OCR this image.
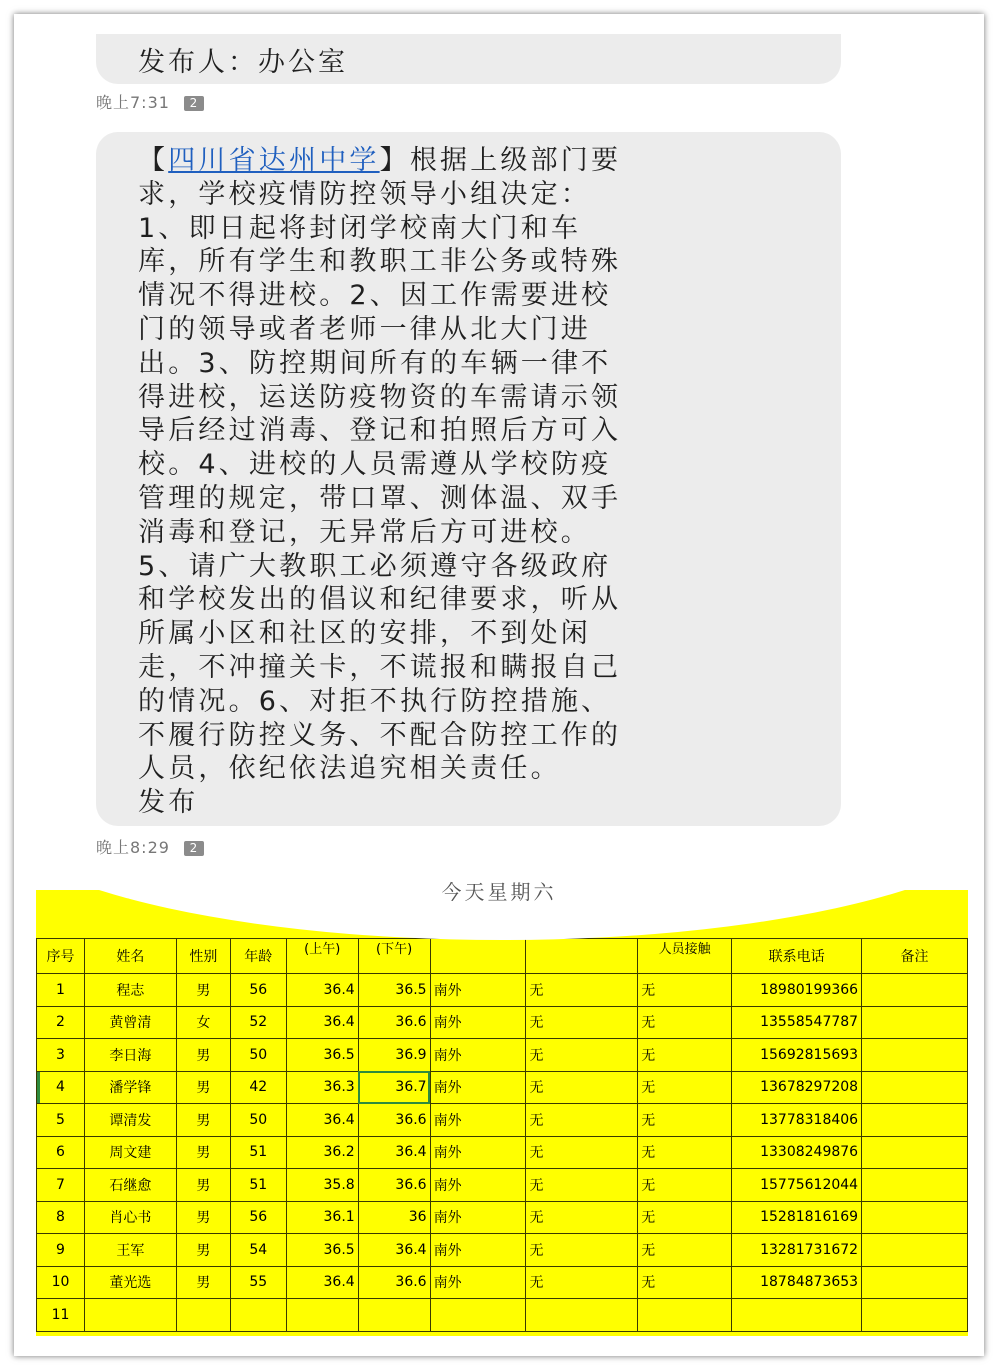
发布人：办公室
晚上7:31 2
【四川省达州中学】根据上级部门要
求，学校疫情防控领导小组决定：
1、即日起将封闭学校南大门和车
库，所有学生和教职工非公务或特殊
情况不得进校。2、因工作需要进校
门的领导或者老师一律从北大门进
出。3、防控期间所有的车辆一律不
得进校，运送防疫物资的车需请示领
导后经过消毒、登记和拍照后方可入
校。4、进校的人员需遵从学校防疫
管理的规定，带口罩、测体温、双手
消毒和登记，无异常后方可进校。
5、请广大教职工必须遵守各级政府
和学校发出的倡议和纪律要求，听从
所属小区和社区的安排，不到处闲
走，不冲撞关卡，不谎报和瞒报自己
的情况。6、对拒不执行防控措施、
不履行防控义务、不配合防控工作的
人员，依纪依法追究相关责任。
发布
晚上8:29 2
今天星期六
序号	姓名	性别	年龄	(上午)	(下午)			人员接触	联系电话	备注
1	程志	男	56	36.4	36.5	南外	无	无	18980199366	
2	黄曾清	女	52	36.4	36.6	南外	无	无	13558547787	
3	李日海	男	50	36.5	36.9	南外	无	无	15692815693	
4	潘学锋	男	42	36.3	36.7	南外	无	无	13678297208	
5	谭清发	男	50	36.4	36.6	南外	无	无	13778318406	
6	周文建	男	51	36.2	36.4	南外	无	无	13308249876	
7	石继愈	男	51	35.8	36.6	南外	无	无	15775612044	
8	肖心书	男	56	36.1	36	南外	无	无	15281816169	
9	王军	男	54	36.5	36.4	南外	无	无	13281731672	
10	董光选	男	55	36.4	36.6	南外	无	无	18784873653	
11										
